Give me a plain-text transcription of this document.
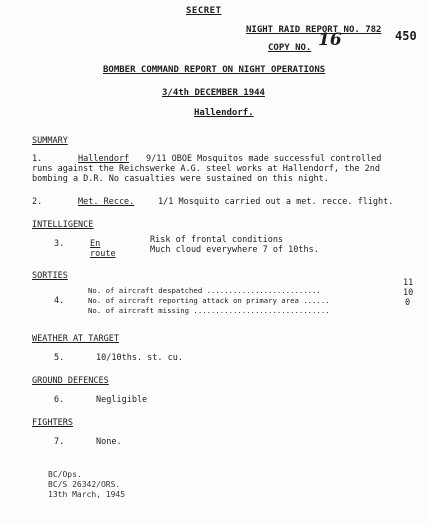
SECRET
NIGHT RAID REPORT NO. 782
COPY NO. 16	450
BOMBER COMMAND REPORT ON NIGHT OPERATIONS
3/4th DECEMBER 1944
Hallendorf.
SUMMARY
1.	Hallendorf 9/11 OBOE Mosquitos made successful controlled
runs against the Reichswerke A.G. steel works at Hallendorf, the 2nd
bombing a D.R. No casualties were sustained on this night.
2.	Met. Recce.	1/1 Mosquito carried out a met. recce. flight.
INTELLIGENCE
3.	En
route
Risk of frontal conditions
Much cloud everywhere 7 of 10ths.
SORTIES
4.
No. of aircraft despatched ..........................
11
No. of aircraft reporting attack on primary area ......
10
No. of aircraft missing ...............................
0
WEATHER AT TARGET
5.	10/10ths. st. cu.
GROUND DEFENCES
6.	Negligible
FIGHTERS
7.	None.
BC/Ops.
BC/S 26342/ORS.
13th March, 1945
